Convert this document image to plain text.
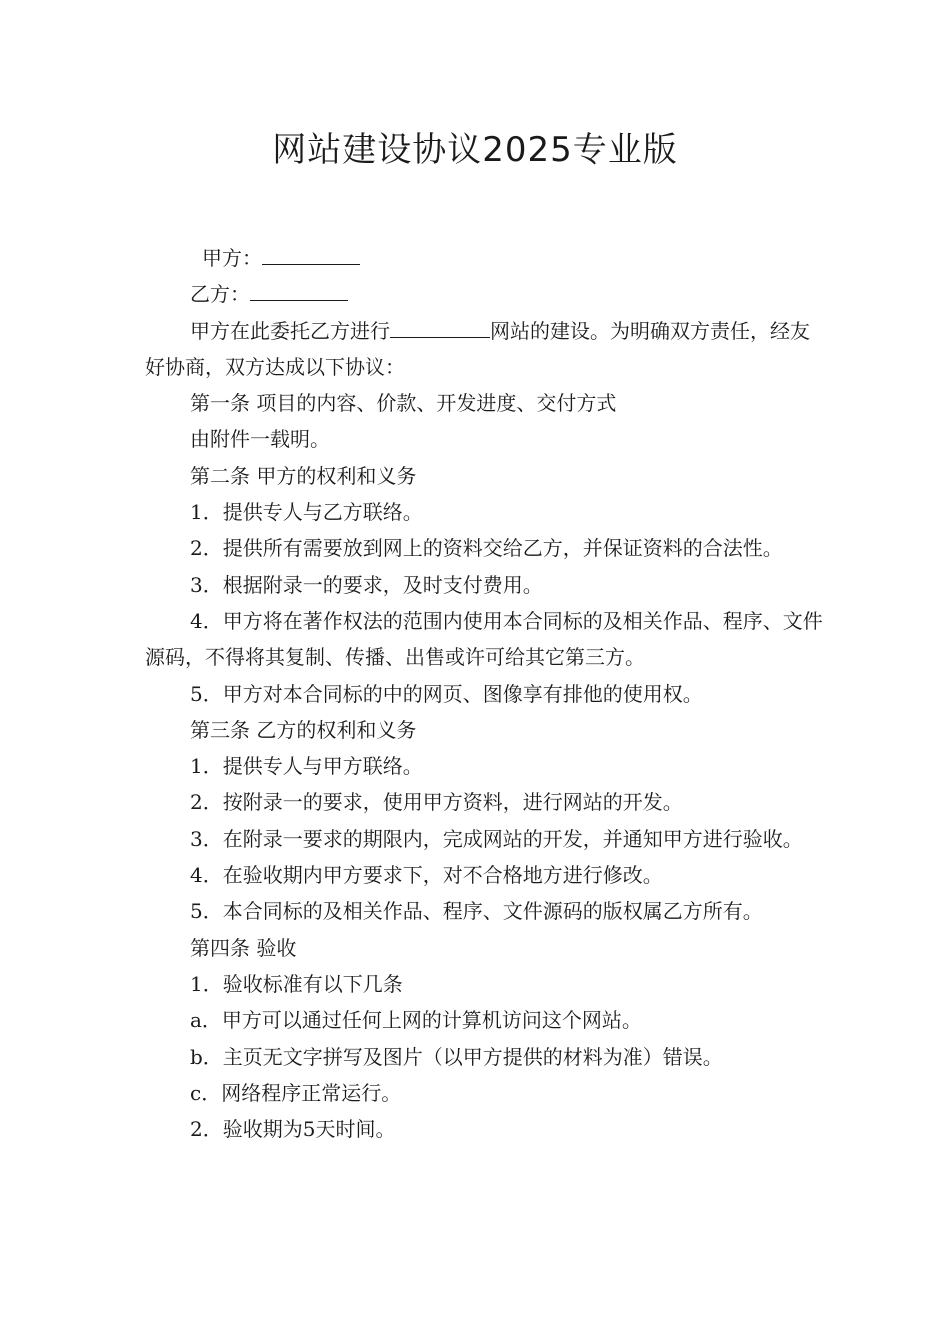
网站建设协议2025专业版

甲方：

乙方：

甲方在此委托乙方进行	网站的建设。为明确双方责任，经友好协商，双方达成以下协议：

第一条 项目的内容、价款、开发进度、交付方式

由附件一载明。

第二条 甲方的权利和义务

1．提供专人与乙方联络。

2．提供所有需要放到网上的资料交给乙方，并保证资料的合法性。

3．根据附录一的要求，及时支付费用。

4．甲方将在著作权法的范围内使用本合同标的及相关作品、程序、文件源码，不得将其复制、传播、出售或许可给其它第三方。

5．甲方对本合同标的中的网页、图像享有排他的使用权。

第三条 乙方的权利和义务

1．提供专人与甲方联络。

2．按附录一的要求，使用甲方资料，进行网站的开发。

3．在附录一要求的期限内，完成网站的开发，并通知甲方进行验收。

4．在验收期内甲方要求下，对不合格地方进行修改。

5．本合同标的及相关作品、程序、文件源码的版权属乙方所有。

第四条 验收

1．验收标准有以下几条

a．甲方可以通过任何上网的计算机访问这个网站。

b．主页无文字拼写及图片（以甲方提供的材料为准）错误。

c．网络程序正常运行。

2．验收期为5天时间。
